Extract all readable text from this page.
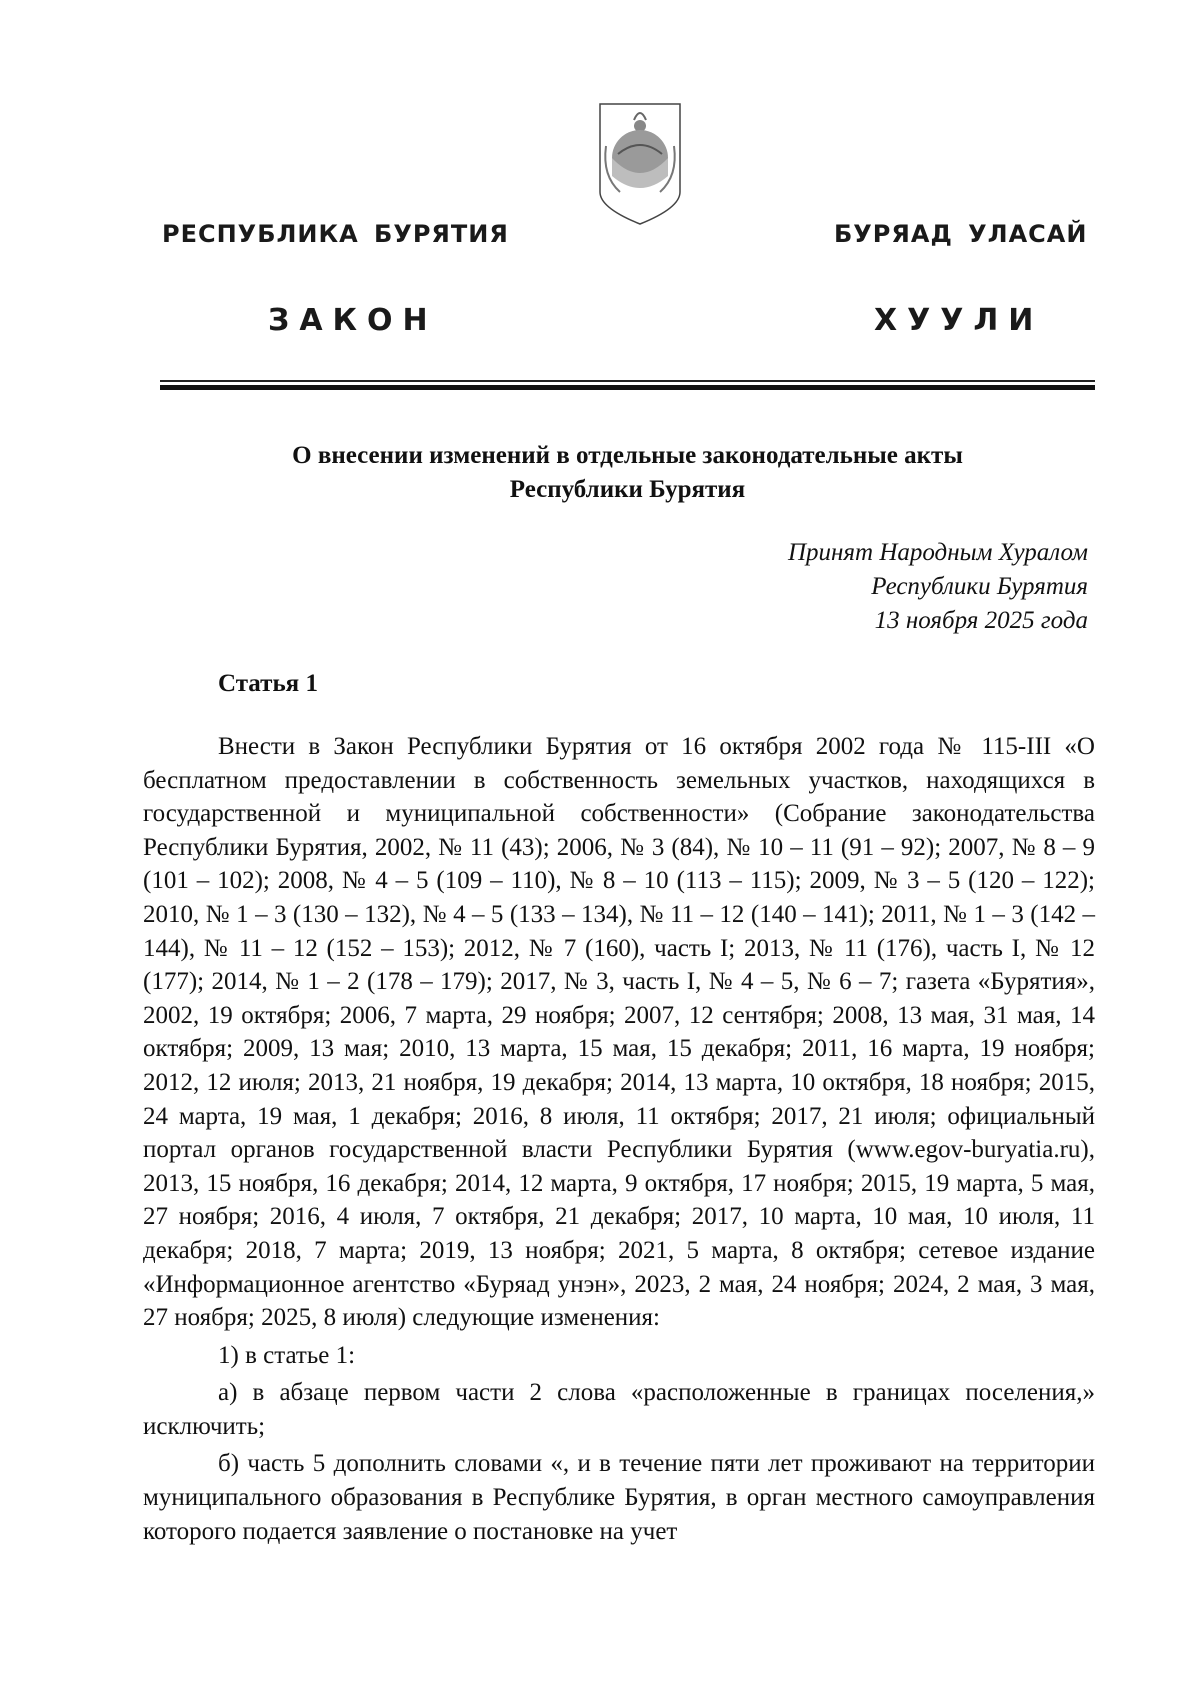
РЕСПУБЛИКА БУРЯТИЯ	БУРЯАД УЛАСАЙ
ЗАКОН	ХУУЛИ
О внесении изменений в отдельные законодательные акты
Республики Бурятия
Принят Народным Хуралом
Республики Бурятия
13 ноября 2025 года
Статья 1

Внести в Закон Республики Бурятия от 16 октября 2002 года № 115-III «О бесплатном предоставлении в собственность земельных участков, находящихся в государственной и муниципальной собственности» (Собрание законодательства Республики Бурятия, 2002, № 11 (43); 2006, № 3 (84), № 10 – 11 (91 – 92); 2007, № 8 – 9 (101 – 102); 2008, № 4 – 5 (109 – 110), № 8 – 10 (113 – 115); 2009, № 3 – 5 (120 – 122); 2010, № 1 – 3 (130 – 132), № 4 – 5 (133 – 134), № 11 – 12 (140 – 141); 2011, № 1 – 3 (142 – 144), № 11 – 12 (152 – 153); 2012, № 7 (160), часть I; 2013, № 11 (176), часть I, № 12 (177); 2014, № 1 – 2 (178 – 179); 2017, № 3, часть I, № 4 – 5, № 6 – 7; газета «Бурятия», 2002, 19 октября; 2006, 7 марта, 29 ноября; 2007, 12 сентября; 2008, 13 мая, 31 мая, 14 октября; 2009, 13 мая; 2010, 13 марта, 15 мая, 15 декабря; 2011, 16 марта, 19 ноября; 2012, 12 июля; 2013, 21 ноября, 19 декабря; 2014, 13 марта, 10 октября, 18 ноября; 2015, 24 марта, 19 мая, 1 декабря; 2016, 8 июля, 11 октября; 2017, 21 июля; официальный портал органов государственной власти Республики Бурятия (www.egov-buryatia.ru), 2013, 15 ноября, 16 декабря; 2014, 12 марта, 9 октября, 17 ноября; 2015, 19 марта, 5 мая, 27 ноября; 2016, 4 июля, 7 октября, 21 декабря; 2017, 10 марта, 10 мая, 10 июля, 11 декабря; 2018, 7 марта; 2019, 13 ноября; 2021, 5 марта, 8 октября; сетевое издание «Информационное агентство «Буряад унэн», 2023, 2 мая, 24 ноября; 2024, 2 мая, 3 мая, 27 ноября; 2025, 8 июля) следующие изменения:

1) в статье 1:

а) в абзаце первом части 2 слова «расположенные в границах поселения,» исключить;

б) часть 5 дополнить словами «, и в течение пяти лет проживают на территории муниципального образования в Республике Бурятия, в орган местного самоуправления которого подается заявление о постановке на учет
